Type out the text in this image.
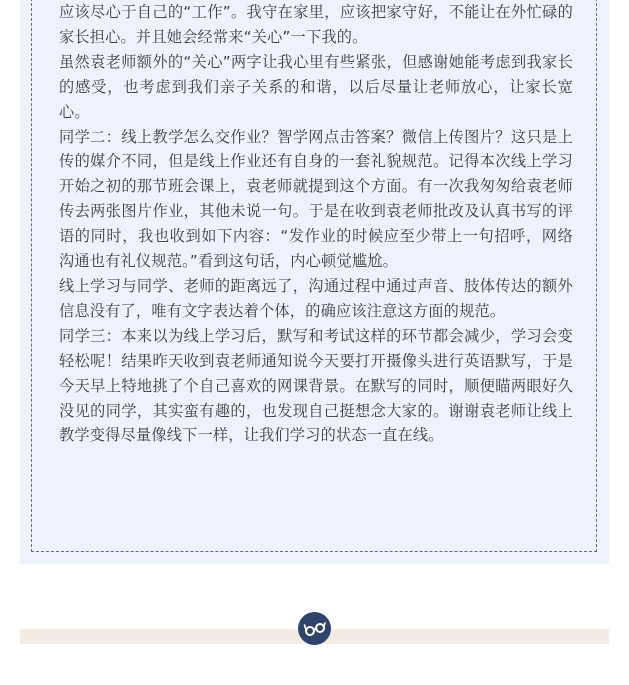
应该尽心于自己的“工作”。我守在家里，应该把家守好，不能让在外忙碌的家长担心。并且她会经常来“关心”一下我的。

虽然袁老师额外的“关心”两字让我心里有些紧张，但感谢她能考虑到我家长的感受，也考虑到我们亲子关系的和谐，以后尽量让老师放心，让家长宽心。

同学二：线上教学怎么交作业？智学网点击答案？微信上传图片？这只是上传的媒介不同，但是线上作业还有自身的一套礼貌规范。记得本次线上学习开始之初的那节班会课上，袁老师就提到这个方面。有一次我匆匆给袁老师传去两张图片作业，其他未说一句。于是在收到袁老师批改及认真书写的评语的同时，我也收到如下内容：“发作业的时候应至少带上一句招呼，网络沟通也有礼仪规范。”看到这句话，内心顿觉尴尬。

线上学习与同学、老师的距离远了，沟通过程中通过声音、肢体传达的额外信息没有了，唯有文字表达着个体，的确应该注意这方面的规范。

同学三：本来以为线上学习后，默写和考试这样的环节都会减少，学习会变轻松呢！结果昨天收到袁老师通知说今天要打开摄像头进行英语默写，于是今天早上特地挑了个自己喜欢的网课背景。在默写的同时，顺便瞄两眼好久没见的同学，其实蛮有趣的，也发现自己挺想念大家的。谢谢袁老师让线上教学变得尽量像线下一样，让我们学习的状态一直在线。
